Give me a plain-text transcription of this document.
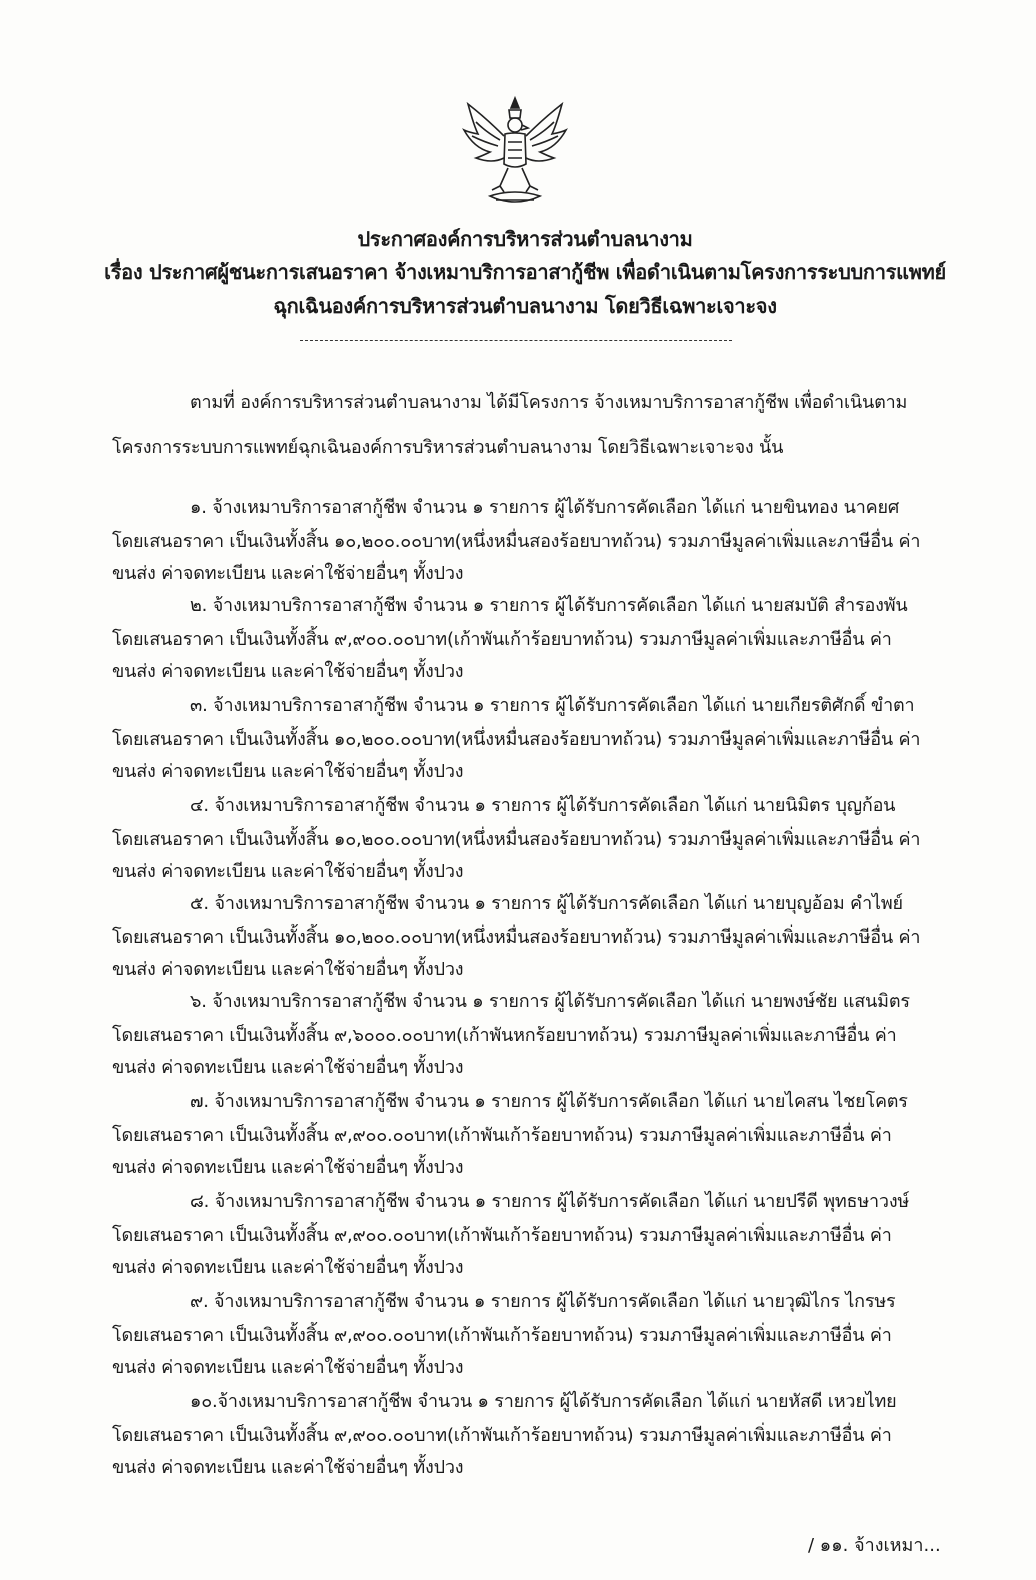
ประกาศองค์การบริหารส่วนตำบลนางาม
เรื่อง ประกาศผู้ชนะการเสนอราคา จ้างเหมาบริการอาสากู้ชีพ เพื่อดำเนินตามโครงการระบบการแพทย์
ฉุกเฉินองค์การบริหารส่วนตำบลนางาม โดยวิธีเฉพาะเจาะจง
ตามที่ องค์การบริหารส่วนตำบลนางาม ได้มีโครงการ จ้างเหมาบริการอาสากู้ชีพ เพื่อดำเนินตาม
โครงการระบบการแพทย์ฉุกเฉินองค์การบริหารส่วนตำบลนางาม โดยวิธีเฉพาะเจาะจง นั้น
๑. จ้างเหมาบริการอาสากู้ชีพ จำนวน ๑ รายการ ผู้ได้รับการคัดเลือก ได้แก่ นายขินทอง นาคยศ
โดยเสนอราคา เป็นเงินทั้งสิ้น ๑๐,๒๐๐.๐๐บาท(หนึ่งหมื่นสองร้อยบาทถ้วน) รวมภาษีมูลค่าเพิ่มและภาษีอื่น ค่า
ขนส่ง ค่าจดทะเบียน และค่าใช้จ่ายอื่นๆ ทั้งปวง
๒. จ้างเหมาบริการอาสากู้ชีพ จำนวน ๑ รายการ ผู้ได้รับการคัดเลือก ได้แก่ นายสมบัติ สำรองพัน
โดยเสนอราคา เป็นเงินทั้งสิ้น ๙,๙๐๐.๐๐บาท(เก้าพันเก้าร้อยบาทถ้วน) รวมภาษีมูลค่าเพิ่มและภาษีอื่น ค่า
ขนส่ง ค่าจดทะเบียน และค่าใช้จ่ายอื่นๆ ทั้งปวง
๓. จ้างเหมาบริการอาสากู้ชีพ จำนวน ๑ รายการ ผู้ได้รับการคัดเลือก ได้แก่ นายเกียรติศักดิ์ ขำตา
โดยเสนอราคา เป็นเงินทั้งสิ้น ๑๐,๒๐๐.๐๐บาท(หนึ่งหมื่นสองร้อยบาทถ้วน) รวมภาษีมูลค่าเพิ่มและภาษีอื่น ค่า
ขนส่ง ค่าจดทะเบียน และค่าใช้จ่ายอื่นๆ ทั้งปวง
๔. จ้างเหมาบริการอาสากู้ชีพ จำนวน ๑ รายการ ผู้ได้รับการคัดเลือก ได้แก่ นายนิมิตร บุญก้อน
โดยเสนอราคา เป็นเงินทั้งสิ้น ๑๐,๒๐๐.๐๐บาท(หนึ่งหมื่นสองร้อยบาทถ้วน) รวมภาษีมูลค่าเพิ่มและภาษีอื่น ค่า
ขนส่ง ค่าจดทะเบียน และค่าใช้จ่ายอื่นๆ ทั้งปวง
๕. จ้างเหมาบริการอาสากู้ชีพ จำนวน ๑ รายการ ผู้ได้รับการคัดเลือก ได้แก่ นายบุญอ้อม คำไพย์
โดยเสนอราคา เป็นเงินทั้งสิ้น ๑๐,๒๐๐.๐๐บาท(หนึ่งหมื่นสองร้อยบาทถ้วน) รวมภาษีมูลค่าเพิ่มและภาษีอื่น ค่า
ขนส่ง ค่าจดทะเบียน และค่าใช้จ่ายอื่นๆ ทั้งปวง
๖. จ้างเหมาบริการอาสากู้ชีพ จำนวน ๑ รายการ ผู้ได้รับการคัดเลือก ได้แก่ นายพงษ์ชัย แสนมิตร
โดยเสนอราคา เป็นเงินทั้งสิ้น ๙,๖๐๐๐.๐๐บาท(เก้าพันหกร้อยบาทถ้วน) รวมภาษีมูลค่าเพิ่มและภาษีอื่น ค่า
ขนส่ง ค่าจดทะเบียน และค่าใช้จ่ายอื่นๆ ทั้งปวง
๗. จ้างเหมาบริการอาสากู้ชีพ จำนวน ๑ รายการ ผู้ได้รับการคัดเลือก ได้แก่ นายไคสน ไชยโคตร
โดยเสนอราคา เป็นเงินทั้งสิ้น ๙,๙๐๐.๐๐บาท(เก้าพันเก้าร้อยบาทถ้วน) รวมภาษีมูลค่าเพิ่มและภาษีอื่น ค่า
ขนส่ง ค่าจดทะเบียน และค่าใช้จ่ายอื่นๆ ทั้งปวง
๘. จ้างเหมาบริการอาสากู้ชีพ จำนวน ๑ รายการ ผู้ได้รับการคัดเลือก ได้แก่ นายปรีดี พุทธษาวงษ์
โดยเสนอราคา เป็นเงินทั้งสิ้น ๙,๙๐๐.๐๐บาท(เก้าพันเก้าร้อยบาทถ้วน) รวมภาษีมูลค่าเพิ่มและภาษีอื่น ค่า
ขนส่ง ค่าจดทะเบียน และค่าใช้จ่ายอื่นๆ ทั้งปวง
๙. จ้างเหมาบริการอาสากู้ชีพ จำนวน ๑ รายการ ผู้ได้รับการคัดเลือก ได้แก่ นายวุฒิไกร ไกรษร
โดยเสนอราคา เป็นเงินทั้งสิ้น ๙,๙๐๐.๐๐บาท(เก้าพันเก้าร้อยบาทถ้วน) รวมภาษีมูลค่าเพิ่มและภาษีอื่น ค่า
ขนส่ง ค่าจดทะเบียน และค่าใช้จ่ายอื่นๆ ทั้งปวง
๑๐.จ้างเหมาบริการอาสากู้ชีพ จำนวน ๑ รายการ ผู้ได้รับการคัดเลือก ได้แก่ นายหัสดี เหวยไทย
โดยเสนอราคา เป็นเงินทั้งสิ้น ๙,๙๐๐.๐๐บาท(เก้าพันเก้าร้อยบาทถ้วน) รวมภาษีมูลค่าเพิ่มและภาษีอื่น ค่า
ขนส่ง ค่าจดทะเบียน และค่าใช้จ่ายอื่นๆ ทั้งปวง
/ ๑๑. จ้างเหมา...
